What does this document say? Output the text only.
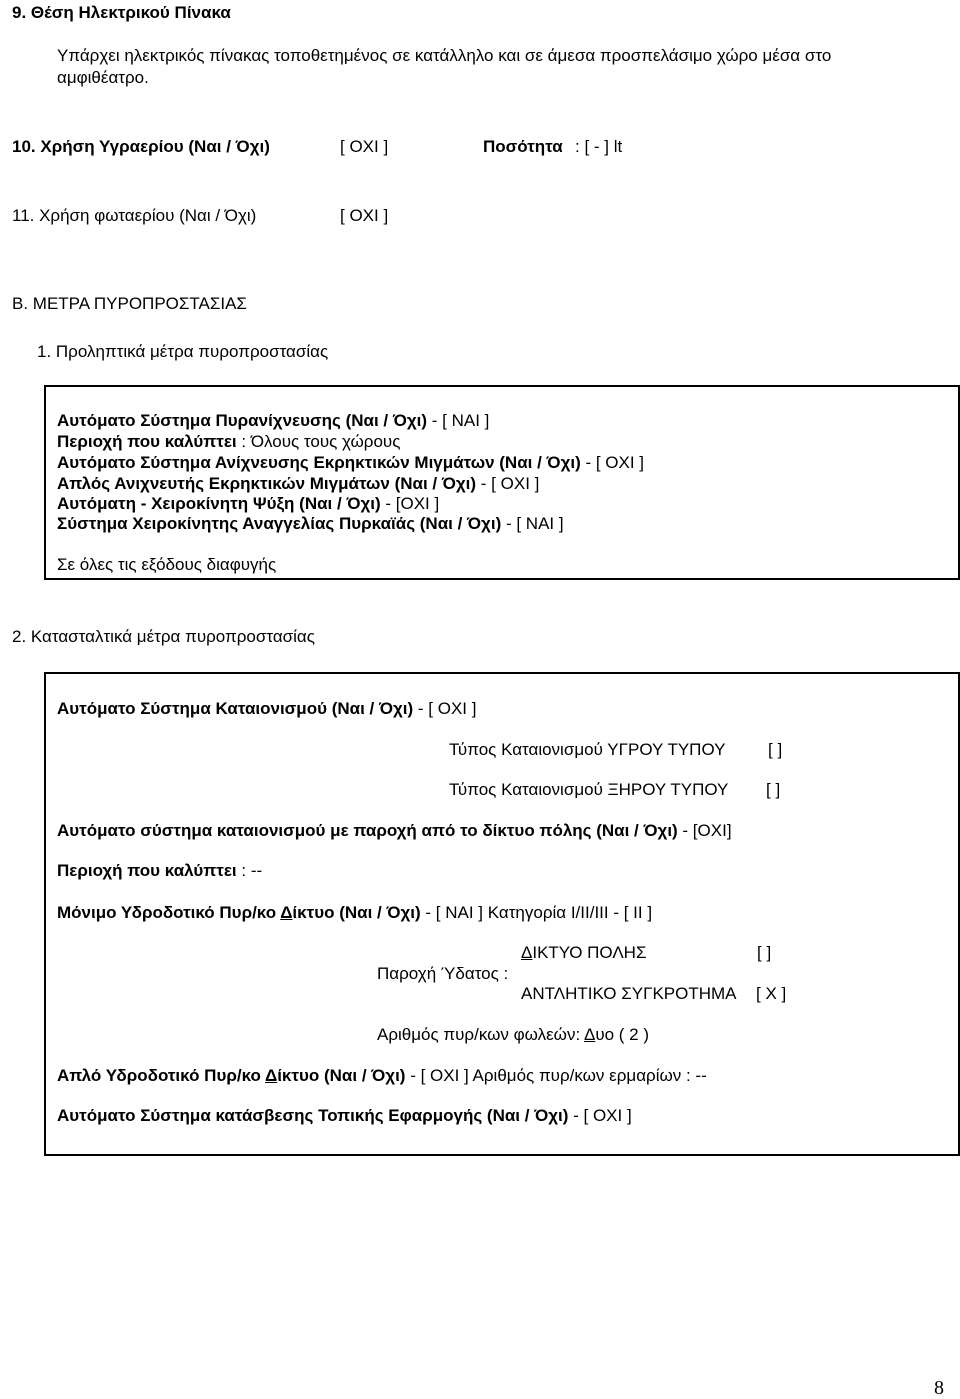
9. Θέση Ηλεκτρικού Πίνακα
Υπάρχει ηλεκτρικός πίνακας τοποθετημένος σε κατάλληλο και σε άμεσα προσπελάσιμο χώρο μέσα στο
αμφιθέατρο.
10. Χρήση Υγραερίου (Ναι / Όχι)	[ ΟΧΙ ]	Ποσότητα : [ - ] lt
11. Χρήση φωταερίου (Ναι / Όχι)	[ ΟΧΙ ]
Β. ΜΕΤΡΑ ΠΥΡΟΠΡΟΣΤΑΣΙΑΣ
1. Προληπτικά μέτρα πυροπροστασίας
Αυτόματο Σύστημα Πυρανίχνευσης (Ναι / Όχι) - [ ΝΑΙ ]
Περιοχή που καλύπτει : Όλους τους χώρους
Αυτόματο Σύστημα Ανίχνευσης Εκρηκτικών Μιγμάτων (Ναι / Όχι) - [ ΟΧΙ ]
Απλός Ανιχνευτής Εκρηκτικών Μιγμάτων (Ναι / Όχι) - [ ΟΧΙ ]
Αυτόματη - Χειροκίνητη Ψύξη (Ναι / Όχι) - [ΟΧΙ ]
Σύστημα Χειροκίνητης Αναγγελίας Πυρκαϊάς (Ναι / Όχι) - [ ΝΑΙ ]
Σε όλες τις εξόδους διαφυγής
2. Κατασταλτικά μέτρα πυροπροστασίας
Αυτόματο Σύστημα Καταιονισμού (Ναι / Όχι) - [ ΟΧΙ ]
Τύπος Καταιονισμού ΥΓΡΟΥ ΤΥΠΟΥ	[ ]
Τύπος Καταιονισμού ΞΗΡΟΥ ΤΥΠΟΥ [ ]
Αυτόματο σύστημα καταιονισμού με παροχή από το δίκτυο πόλης (Ναι / Όχι) - [ΟΧΙ]
Περιοχή που καλύπτει : --
Μόνιμο Υδροδοτικό Πυρ/κο Δίκτυο (Ναι / Όχι) - [ ΝΑΙ ] Κατηγορία Ι/ΙΙ/ΙΙΙ - [ ΙΙ ]
ΔΙΚΤΥΟ ΠΟΛΗΣ	[ ]
Παροχή Ύδατος :
ΑΝΤΛΗΤΙΚΟ ΣΥΓΚΡΟΤΗΜΑ [ Χ ]
Αριθμός πυρ/κων φωλεών: Δυο ( 2 )
Απλό Υδροδοτικό Πυρ/κο Δίκτυο (Ναι / Όχι) - [ ΟΧΙ ] Αριθμός πυρ/κων ερμαρίων : --
Αυτόματο Σύστημα κατάσβεσης Τοπικής Εφαρμογής (Ναι / Όχι) - [ ΟΧΙ ]
8
